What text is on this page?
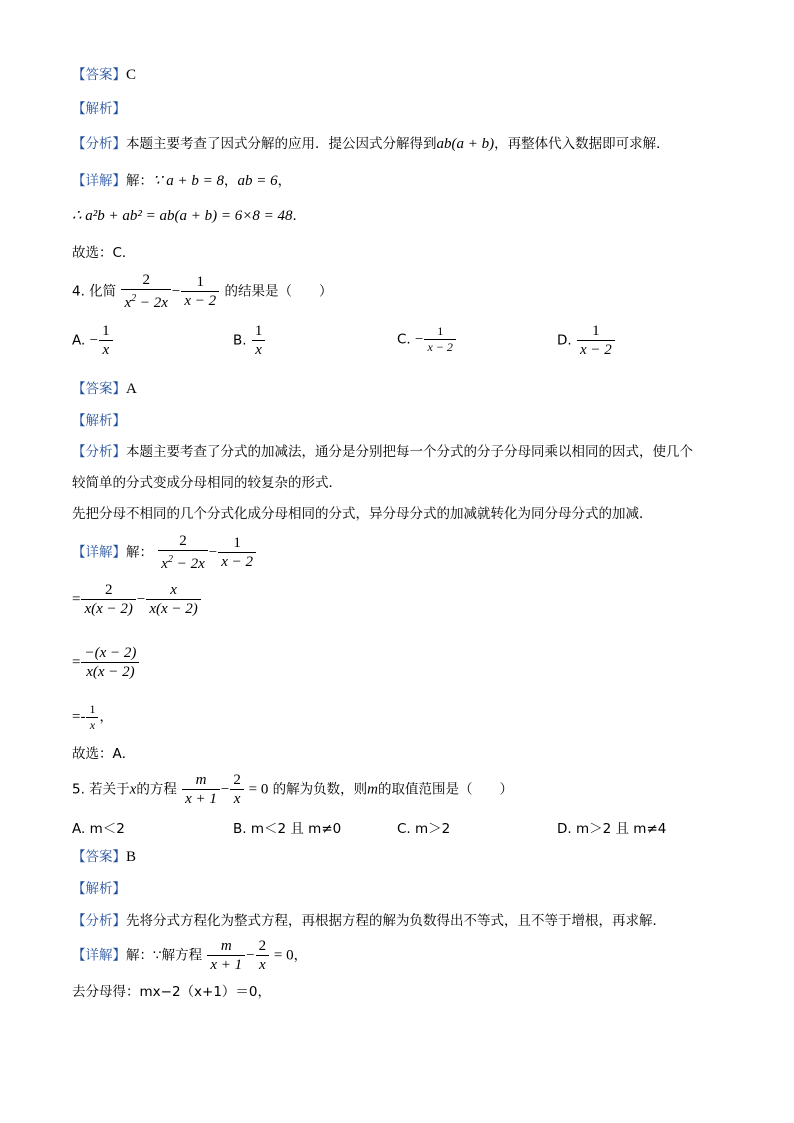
【答案】C
【解析】
【分析】本题主要考查了因式分解的应用．提公因式分解得到ab(a + b)，再整体代入数据即可求解．
【详解】解：∵ a + b = 8，ab = 6，
∴ a²b + ab² = ab(a + b) = 6×8 = 48．
故选：C．
4. 化简 $\frac{2}{x^2 - 2x} - \frac{1}{x - 2}$ 的结果是（　　）
A. − $\frac{1}{x}$	B. $\frac{1}{x}$	C. − $\frac{1}{x - 2}$	D. $\frac{1}{x - 2}$
【答案】A
【解析】
【分析】本题主要考查了分式的加减法，通分是分别把每一个分式的分子分母同乘以相同的因式，使几个
较简单的分式变成分母相同的较复杂的形式．
先把分母不相同的几个分式化成分母相同的分式，异分母分式的加减就转化为同分母分式的加减．
【详解】解： $\frac{2}{x^2 - 2x} - \frac{1}{x - 2}$
= $\frac{2}{x(x - 2)} - \frac{x}{x(x - 2)}$
= $\frac{-(x - 2)}{x(x - 2)}$
=- $\frac{1}{x}$ ，
故选：A．
5. 若关于x的方程 $\frac{m}{x + 1} - \frac{2}{x} = 0$ 的解为负数，则m的取值范围是（　　）
A. m＜2	B. m＜2 且 m≠0	C. m＞2	D. m＞2 且 m≠4
【答案】B
【解析】
【分析】先将分式方程化为整式方程，再根据方程的解为负数得出不等式，且不等于增根，再求解．
【详解】解：∵解方程 $\frac{m}{x + 1} - \frac{2}{x} = 0$，
去分母得：mx−2（x+1）＝0，
